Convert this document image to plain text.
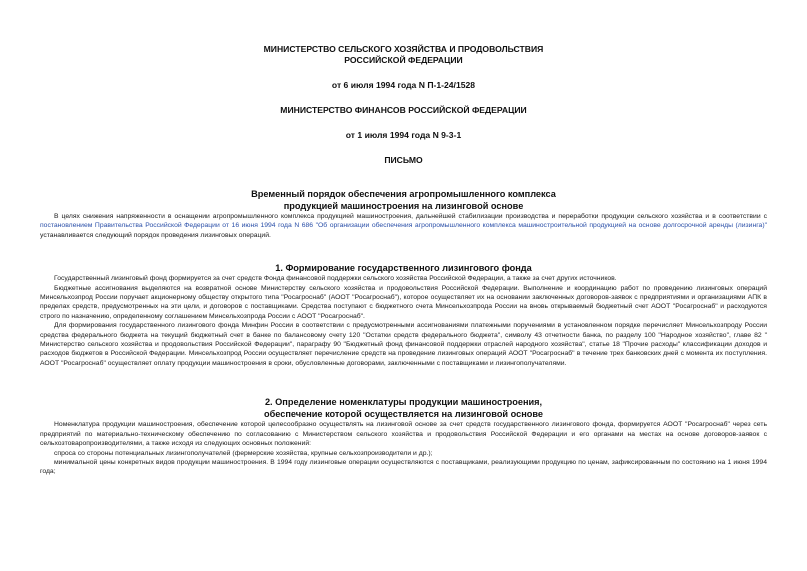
МИНИСТЕРСТВО СЕЛЬСКОГО ХОЗЯЙСТВА И ПРОДОВОЛЬСТВИЯ

РОССИЙСКОЙ ФЕДЕРАЦИИ

от 6 июля 1994 года N П-1-24/1528

МИНИСТЕРСТВО ФИНАНСОВ РОССИЙСКОЙ ФЕДЕРАЦИИ

от 1 июля 1994 года N 9-3-1

ПИСЬМО

Временный порядок обеспечения агропромышленного комплекса

продукцией машиностроения на лизинговой основе

В целях снижения напряженности в оснащении агропромышленного комплекса продукцией машиностроения, дальнейшей стабилизации производства и переработки продукции сельского хозяйства и в соответствии с постановлением Правительства Российской Федерации от 16 июня 1994 года N 686 "Об организации обеспечения агропромышленного комплекса машиностроительной продукцией на основе долгосрочной аренды (лизинга)" устанавливается следующий порядок проведения лизинговых операций.

1. Формирование государственного лизингового фонда

Государственный лизинговый фонд формируется за счет средств Фонда финансовой поддержки сельского хозяйства Российской Федерации, а также за счет других источников.

Бюджетные ассигнования выделяются на возвратной основе Министерству сельского хозяйства и продовольствия Российской Федерации. Выполнение и координацию работ по проведению лизинговых операций Минсельхозпрод России поручает акционерному обществу открытого типа "Росагроснаб" (АООТ "Росагроснаб"), которое осуществляет их на основании заключенных договоров-заявок с предприятиями и организациями АПК в пределах средств, предусмотренных на эти цели, и договоров с поставщиками. Средства поступают с бюджетного счета Минсельхозпрода России на вновь открываемый бюджетный счет АООТ "Росагроснаб" и расходуются строго по назначению, определенному соглашением Минсельхозпрода России с АООТ "Росагроснаб".

Для формирования государственного лизингового фонда Минфин России в соответствии с предусмотренными ассигнованиями платежными поручениями в установленном порядке перечисляет Минсельхозпроду России средства федерального бюджета на текущий бюджетный счет в банке по балансовому счету 120 "Остатки средств федерального бюджета", символу 43 отчетности банка, по разделу 100 "Народное хозяйство", главе 82 " Министерство сельского хозяйства и продовольствия Российской Федерации", параграфу 90 "Бюджетный фонд финансовой поддержки отраслей народного хозяйства", статье 18 "Прочие расходы" классификации доходов и расходов бюджетов в Российской Федерации. Минсельхозпрод России осуществляет перечисление средств на проведение лизинговых операций АООТ "Росагроснаб" в течение трех банковских дней с момента их поступления. АООТ "Росагроснаб" осуществляет оплату продукции машиностроения в сроки, обусловленные договорами, заключенными с поставщиками и лизингополучателями.

2. Определение номенклатуры продукции машиностроения,
обеспечение которой осуществляется на лизинговой основе

Номенклатура продукции машиностроения, обеспечение которой целесообразно осуществлять на лизинговой основе за счет средств государственного лизингового фонда, формируется АООТ "Росагроснаб" через сеть предприятий по материально-техническому обеспечению по согласованию с Министерством сельского хозяйства и продовольствия Российской Федерации и его органами на местах на основе договоров-заявок с сельхозтоваропроизводителями, а также исходя из следующих основных положений:

спроса со стороны потенциальных лизингополучателей (фермерские хозяйства, крупные сельхозпроизводители и др.);

минимальной цены конкретных видов продукции машиностроения. В 1994 году лизинговые операции осуществляются с поставщиками, реализующими продукцию по ценам, зафиксированным по состоянию на 1 июня 1994 года;
